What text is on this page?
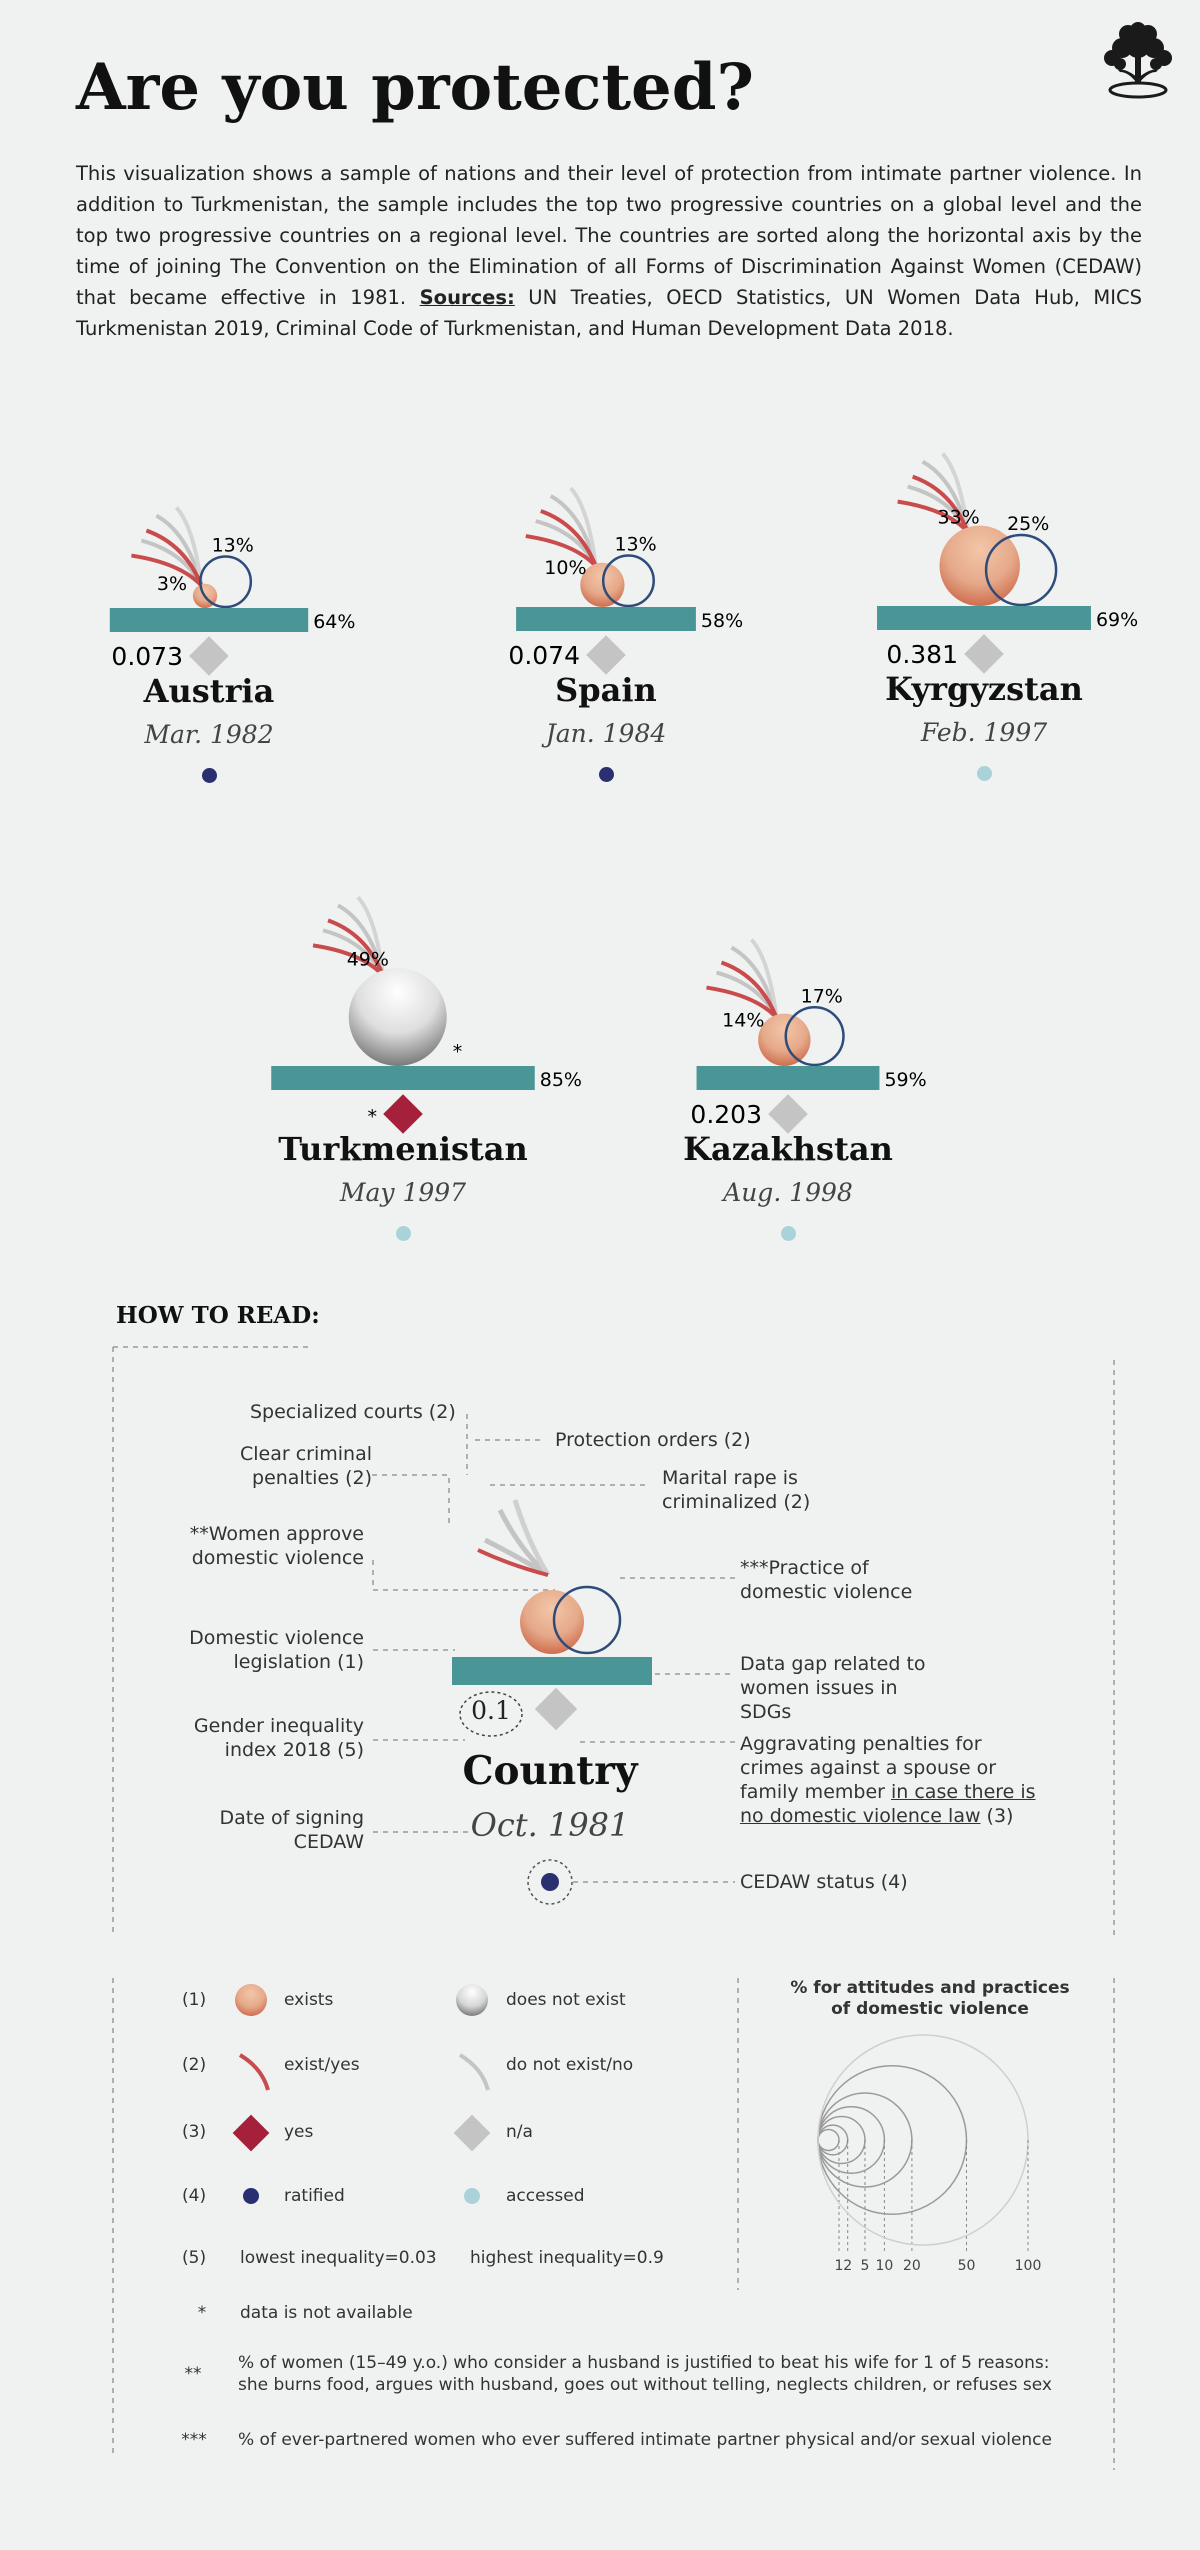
Are you protected?
This visualization shows a sample of nations and their level of protection from intimate partner violence. In addition to Turkmenistan, the sample includes the top two progressive countries on a global level and the top two progressive countries on a regional level. The countries are sorted along the horizontal axis by the time of joining The Convention on the Elimination of all Forms of Discrimination Against Women (CEDAW) that became effective in 1981. Sources: UN Treaties, OECD Statistics, UN Women Data Hub, MICS Turkmenistan 2019, Criminal Code of Turkmenistan, and Human Development Data 2018.
13%
3%
64%
0.073
Austria
Mar. 1982
13%
10%
58%
0.074
Spain
Jan. 1984
25%
33%
69%
0.381
Kyrgyzstan
Feb. 1997
*
49%
85%
*
Turkmenistan
May 1997
17%
14%
59%
0.203
Kazakhstan
Aug. 1998
HOW TO READ:
0.1
Country
Oct. 1981
Specialized courts (2)
Clear criminal penalties (2)
**Women approve domestic violence
Domestic violence legislation (1)
Gender inequality index 2018 (5)
Date of signing CEDAW
Protection orders (2)
Marital rape is criminalized (2)
***Practice of domestic violence
Data gap related to women issues in SDGs
Aggravating penalties for crimes against a spouse or family member in case there is no domestic violence law (3)
CEDAW status (4)
(1)	exists	does not exist
(2)	exist/yes	do not exist/no
(3)	yes	n/a
(4)	ratified	accessed
(5) lowest inequality=0.03 highest inequality=0.9
*	data is not available
**
% of women (15–49 y.o.) who consider a husband is justified to beat his wife for 1 of 5 reasons: she burns food, argues with husband, goes out without telling, neglects children, or refuses sex
***	% of ever-partnered women who ever suffered intimate partner physical and/or sexual violence
% for attitudes and practices of domestic violence
1 2 5 10 20	50	100
